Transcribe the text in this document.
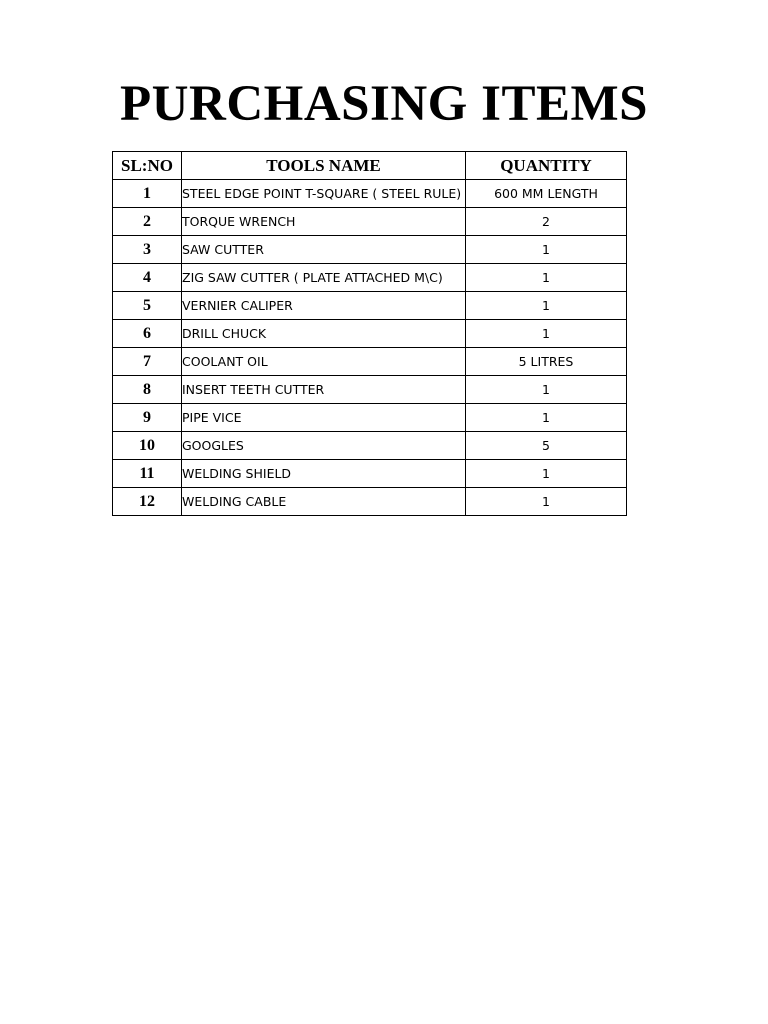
PURCHASING ITEMS
SL:NO	TOOLS NAME	QUANTITY
1	STEEL EDGE POINT T-SQUARE ( STEEL RULE)	600 MM LENGTH
2	TORQUE WRENCH	2
3	SAW CUTTER	1
4	ZIG SAW CUTTER ( PLATE ATTACHED M\C)	1
5	VERNIER CALIPER	1
6	DRILL CHUCK	1
7	COOLANT OIL	5 LITRES
8	INSERT TEETH CUTTER	1
9	PIPE VICE	1
10	GOOGLES	5
11	WELDING SHIELD	1
12	WELDING CABLE	1
